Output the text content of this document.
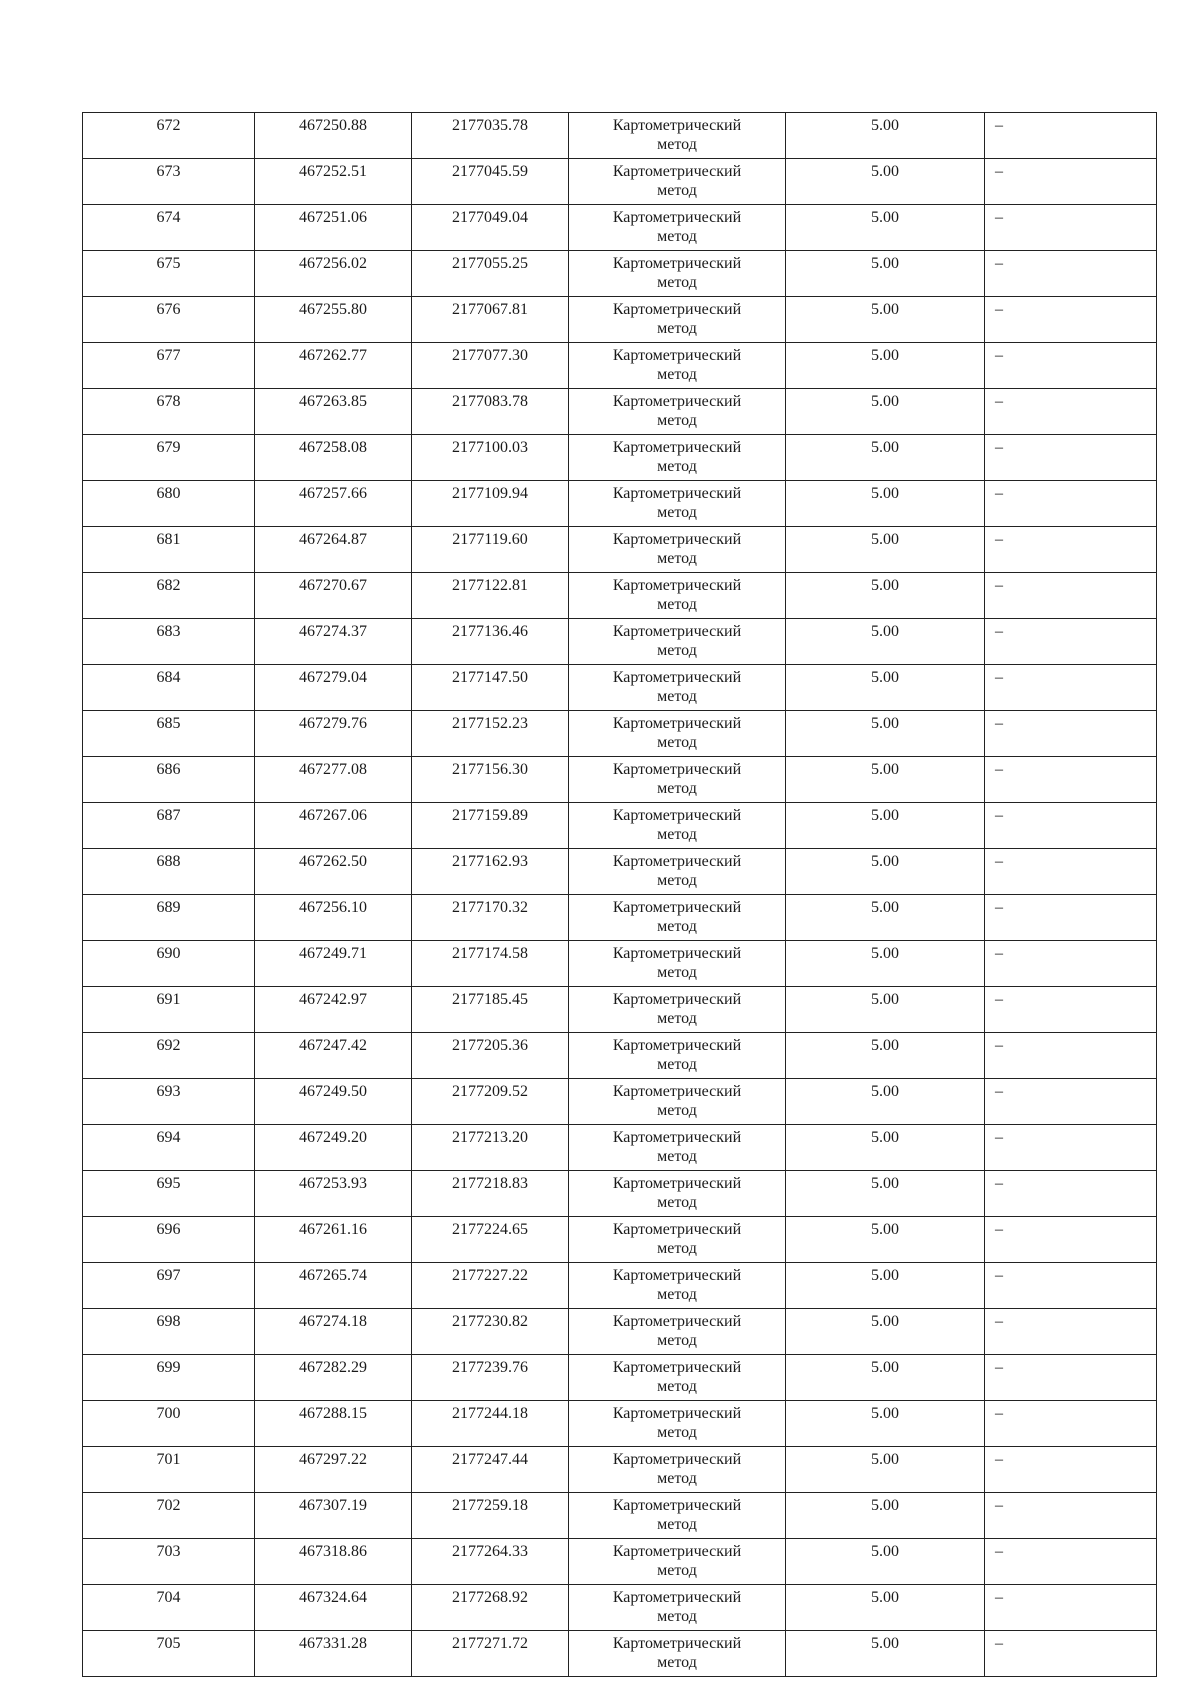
672	467250.88	2177035.78	Картометрический метод	5.00	–
673	467252.51	2177045.59	Картометрический метод	5.00	–
674	467251.06	2177049.04	Картометрический метод	5.00	–
675	467256.02	2177055.25	Картометрический метод	5.00	–
676	467255.80	2177067.81	Картометрический метод	5.00	–
677	467262.77	2177077.30	Картометрический метод	5.00	–
678	467263.85	2177083.78	Картометрический метод	5.00	–
679	467258.08	2177100.03	Картометрический метод	5.00	–
680	467257.66	2177109.94	Картометрический метод	5.00	–
681	467264.87	2177119.60	Картометрический метод	5.00	–
682	467270.67	2177122.81	Картометрический метод	5.00	–
683	467274.37	2177136.46	Картометрический метод	5.00	–
684	467279.04	2177147.50	Картометрический метод	5.00	–
685	467279.76	2177152.23	Картометрический метод	5.00	–
686	467277.08	2177156.30	Картометрический метод	5.00	–
687	467267.06	2177159.89	Картометрический метод	5.00	–
688	467262.50	2177162.93	Картометрический метод	5.00	–
689	467256.10	2177170.32	Картометрический метод	5.00	–
690	467249.71	2177174.58	Картометрический метод	5.00	–
691	467242.97	2177185.45	Картометрический метод	5.00	–
692	467247.42	2177205.36	Картометрический метод	5.00	–
693	467249.50	2177209.52	Картометрический метод	5.00	–
694	467249.20	2177213.20	Картометрический метод	5.00	–
695	467253.93	2177218.83	Картометрический метод	5.00	–
696	467261.16	2177224.65	Картометрический метод	5.00	–
697	467265.74	2177227.22	Картометрический метод	5.00	–
698	467274.18	2177230.82	Картометрический метод	5.00	–
699	467282.29	2177239.76	Картометрический метод	5.00	–
700	467288.15	2177244.18	Картометрический метод	5.00	–
701	467297.22	2177247.44	Картометрический метод	5.00	–
702	467307.19	2177259.18	Картометрический метод	5.00	–
703	467318.86	2177264.33	Картометрический метод	5.00	–
704	467324.64	2177268.92	Картометрический метод	5.00	–
705	467331.28	2177271.72	Картометрический метод	5.00	–
